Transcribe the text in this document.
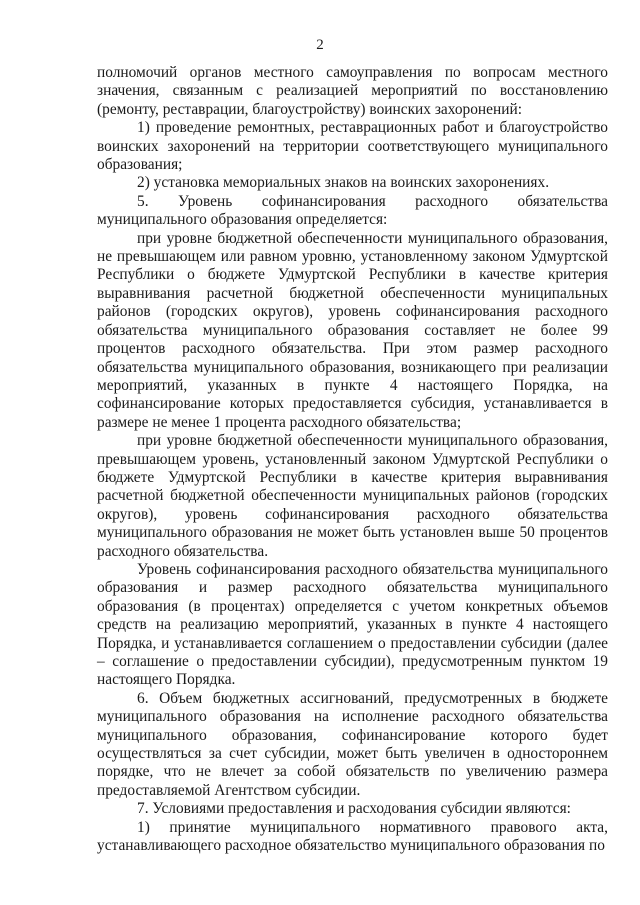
2

полномочий органов местного самоуправления по вопросам местного значения, связанным с реализацией мероприятий по восстановлению (ремонту, реставрации, благоустройству) воинских захоронений:

1) проведение ремонтных, реставрационных работ и благоустройство воинских захоронений на территории соответствующего муниципального образования;

2) установка мемориальных знаков на воинских захоронениях.

5. Уровень софинансирования расходного обязательства муниципального образования определяется:

при уровне бюджетной обеспеченности муниципального образования, не превышающем или равном уровню, установленному законом Удмуртской Республики о бюджете Удмуртской Республики в качестве критерия выравнивания расчетной бюджетной обеспеченности муниципальных районов (городских округов), уровень софинансирования расходного обязательства муниципального образования составляет не более 99 процентов расходного обязательства. При этом размер расходного обязательства муниципального образования, возникающего при реализации мероприятий, указанных в пункте 4 настоящего Порядка, на софинансирование которых предоставляется субсидия, устанавливается в размере не менее 1 процента расходного обязательства;

при уровне бюджетной обеспеченности муниципального образования, превышающем уровень, установленный законом Удмуртской Республики о бюджете Удмуртской Республики в качестве критерия выравнивания расчетной бюджетной обеспеченности муниципальных районов (городских округов), уровень софинансирования расходного обязательства муниципального образования не может быть установлен выше 50 процентов расходного обязательства.

Уровень софинансирования расходного обязательства муниципального образования и размер расходного обязательства муниципального образования (в процентах) определяется с учетом конкретных объемов средств на реализацию мероприятий, указанных в пункте 4 настоящего Порядка, и устанавливается соглашением о предоставлении субсидии (далее – соглашение о предоставлении субсидии), предусмотренным пунктом 19 настоящего Порядка.

6. Объем бюджетных ассигнований, предусмотренных в бюджете муниципального образования на исполнение расходного обязательства муниципального образования, софинансирование которого будет осуществляться за счет субсидии, может быть увеличен в одностороннем порядке, что не влечет за собой обязательств по увеличению размера предоставляемой Агентством субсидии.

7. Условиями предоставления и расходования субсидии являются:

1) принятие муниципального нормативного правового акта, устанавливающего расходное обязательство муниципального образования по
